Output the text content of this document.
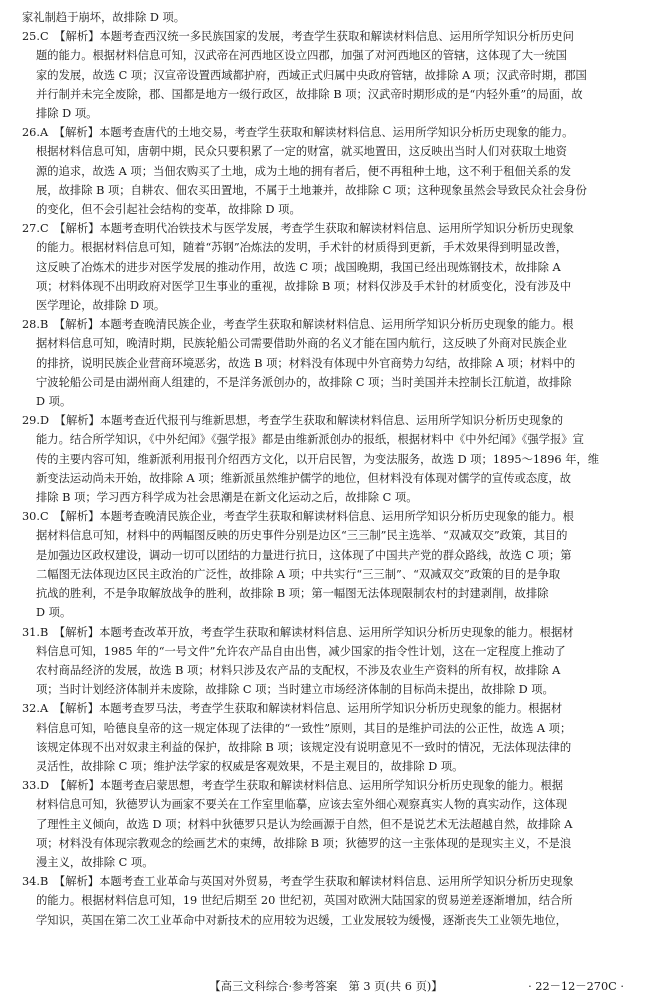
家礼制趋于崩坏，故排除 D 项。
25.C　【解析】本题考查西汉统一多民族国家的发展，考查学生获取和解读材料信息、运用所学知识分析历史问
题的能力。根据材料信息可知，汉武帝在河西地区设立四郡，加强了对河西地区的管辖，这体现了大一统国
家的发展，故选 C 项；汉宣帝设置西域都护府，西域正式归属中央政府管辖，故排除 A 项；汉武帝时期，郡国
并行制并未完全废除，郡、国都是地方一级行政区，故排除 B 项；汉武帝时期形成的是“内轻外重”的局面，故
排除 D 项。
26.A　【解析】本题考查唐代的土地交易，考查学生获取和解读材料信息、运用所学知识分析历史现象的能力。
根据材料信息可知，唐朝中期，民众只要积累了一定的财富，就买地置田，这反映出当时人们对获取土地资
源的追求，故选 A 项；当佃农购买了土地，成为土地的拥有者后，便不再租种土地，这不利于租佃关系的发
展，故排除 B 项；自耕农、佃农买田置地，不属于土地兼并，故排除 C 项；这种现象虽然会导致民众社会身份
的变化，但不会引起社会结构的变革，故排除 D 项。
27.C　【解析】本题考查明代冶铁技术与医学发展，考查学生获取和解读材料信息、运用所学知识分析历史现象
的能力。根据材料信息可知，随着“苏钢”冶炼法的发明，手术针的材质得到更新，手术效果得到明显改善，
这反映了冶炼术的进步对医学发展的推动作用，故选 C 项；战国晚期，我国已经出现炼钢技术，故排除 A
项；材料体现不出明政府对医学卫生事业的重视，故排除 B 项；材料仅涉及手术针的材质变化，没有涉及中
医学理论，故排除 D 项。
28.B　【解析】本题考查晚清民族企业，考查学生获取和解读材料信息、运用所学知识分析历史现象的能力。根
据材料信息可知，晚清时期，民族轮船公司需要借助外商的名义才能在国内航行，这反映了外商对民族企业
的排挤，说明民族企业营商环境恶劣，故选 B 项；材料没有体现中外官商势力勾结，故排除 A 项；材料中的
宁波轮船公司是由湖州商人组建的，不是洋务派创办的，故排除 C 项；当时美国并未控制长江航道，故排除
D 项。
29.D　【解析】本题考查近代报刊与维新思想，考查学生获取和解读材料信息、运用所学知识分析历史现象的
能力。结合所学知识，《中外纪闻》《强学报》都是由维新派创办的报纸，根据材料中《中外纪闻》《强学报》宣
传的主要内容可知，维新派利用报刊介绍西方文化，以开启民智，为变法服务，故选 D 项；1895～1896 年，维
新变法运动尚未开始，故排除 A 项；维新派虽然维护儒学的地位，但材料没有体现对儒学的宣传或态度，故
排除 B 项；学习西方科学成为社会思潮是在新文化运动之后，故排除 C 项。
30.C　【解析】本题考查晚清民族企业，考查学生获取和解读材料信息、运用所学知识分析历史现象的能力。根
据材料信息可知，材料中的两幅图反映的历史事件分别是边区“三三制”民主选举、“双减双交”政策，其目的
是加强边区政权建设，调动一切可以团结的力量进行抗日，这体现了中国共产党的群众路线，故选 C 项；第
二幅图无法体现边区民主政治的广泛性，故排除 A 项；中共实行“三三制”、“双减双交”政策的目的是争取
抗战的胜利，不是争取解放战争的胜利，故排除 B 项；第一幅图无法体现限制农村的封建剥削，故排除
D 项。
31.B　【解析】本题考查改革开放，考查学生获取和解读材料信息、运用所学知识分析历史现象的能力。根据材
料信息可知，1985 年的“一号文件”允许农产品自由出售，减少国家的指令性计划，这在一定程度上推动了
农村商品经济的发展，故选 B 项；材料只涉及农产品的支配权，不涉及农业生产资料的所有权，故排除 A
项；当时计划经济体制并未废除，故排除 C 项；当时建立市场经济体制的目标尚未提出，故排除 D 项。
32.A　【解析】本题考查罗马法，考查学生获取和解读材料信息、运用所学知识分析历史现象的能力。根据材
料信息可知，哈德良皇帝的这一规定体现了法律的“一致性”原则，其目的是维护司法的公正性，故选 A 项；
该规定体现不出对奴隶主利益的保护，故排除 B 项；该规定没有说明意见不一致时的情况，无法体现法律的
灵活性，故排除 C 项；维护法学家的权威是客观效果，不是主观目的，故排除 D 项。
33.D　【解析】本题考查启蒙思想，考查学生获取和解读材料信息、运用所学知识分析历史现象的能力。根据
材料信息可知，狄德罗认为画家不要关在工作室里临摹，应该去室外细心观察真实人物的真实动作，这体现
了理性主义倾向，故选 D 项；材料中狄德罗只是认为绘画源于自然，但不是说艺术无法超越自然，故排除 A
项；材料没有体现宗教观念的绘画艺术的束缚，故排除 B 项；狄德罗的这一主张体现的是现实主义，不是浪
漫主义，故排除 C 项。
34.B　【解析】本题考查工业革命与英国对外贸易，考查学生获取和解读材料信息、运用所学知识分析历史现象
的能力。根据材料信息可知，19 世纪后期至 20 世纪初，英国对欧洲大陆国家的贸易逆差逐渐增加，结合所
学知识，英国在第二次工业革命中对新技术的应用较为迟缓，工业发展较为缓慢，逐渐丧失工业领先地位，
【高三文科综合·参考答案　第 3 页(共 6 页)】	· 22－12－270C ·
